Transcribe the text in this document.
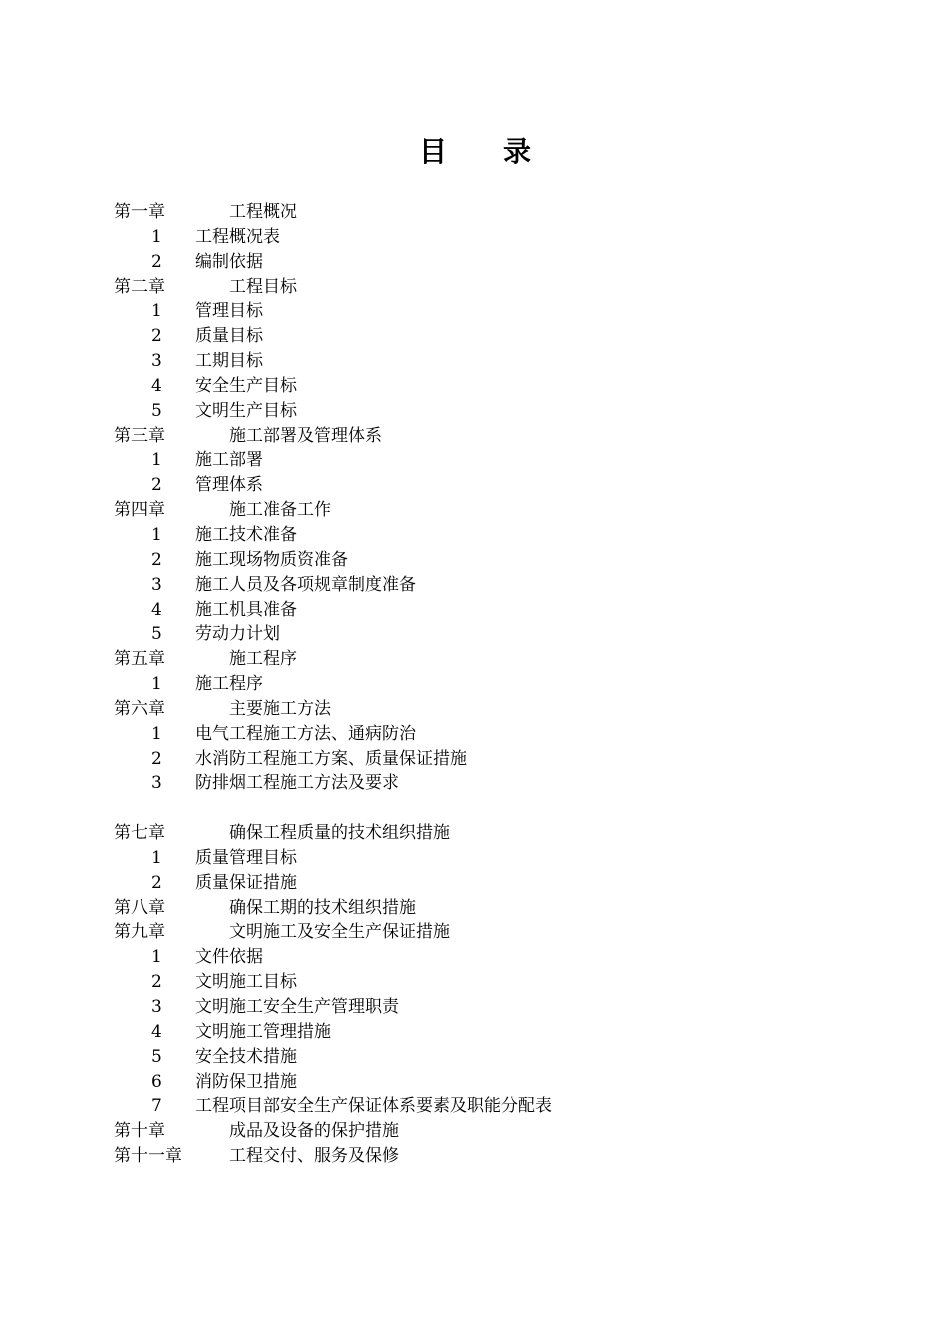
目 录
第一章	工程概况
1 工程概况表
2 编制依据
第二章	工程目标
1 管理目标
2 质量目标
3 工期目标
4 安全生产目标
5 文明生产目标
第三章	施工部署及管理体系
1 施工部署
2 管理体系
第四章	施工准备工作
1 施工技术准备
2 施工现场物质资准备
3 施工人员及各项规章制度准备
4 施工机具准备
5 劳动力计划
第五章	施工程序
1 施工程序
第六章	主要施工方法
1 电气工程施工方法、通病防治
2 水消防工程施工方案、质量保证措施
3 防排烟工程施工方法及要求
第七章	确保工程质量的技术组织措施
1 质量管理目标
2 质量保证措施
第八章	确保工期的技术组织措施
第九章	文明施工及安全生产保证措施
1 文件依据
2 文明施工目标
3 文明施工安全生产管理职责
4 文明施工管理措施
5 安全技术措施
6 消防保卫措施
7 工程项目部安全生产保证体系要素及职能分配表
第十章	成品及设备的保护措施
第十一章	工程交付、服务及保修
